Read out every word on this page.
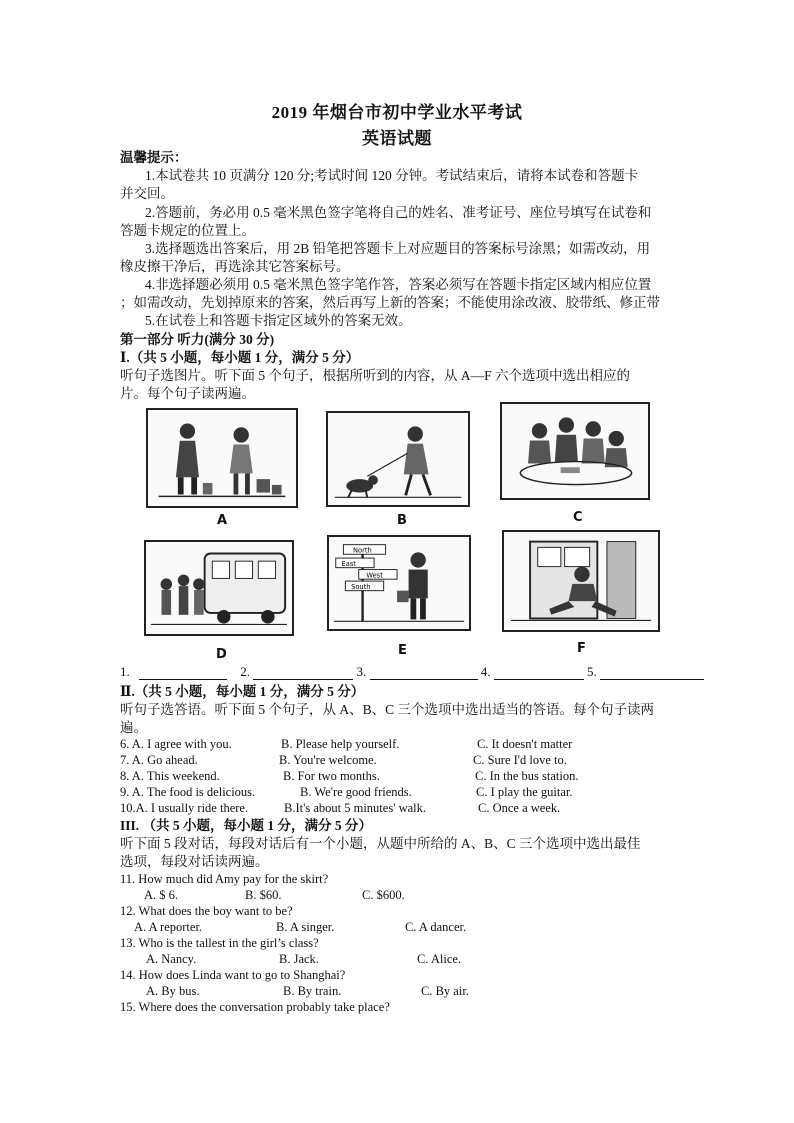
2019 年烟台市初中学业水平考试
英语试题
温馨提示：
1.本试卷共 10 页满分 120 分;考试时间 120 分钟。考试结束后，请将本试卷和答题卡
并交回。
2.答题前，务必用 0.5 毫米黑色签字笔将自己的姓名、准考证号、座位号填写在试卷和
答题卡规定的位置上。
3.选择题选出答案后，用 2B 铅笔把答题卡上对应题目的答案标号涂黑；如需改动，用
橡皮擦干净后，再选涂其它答案标号。
4.非选择题必须用 0.5 毫米黑色签字笔作答，答案必须写在答题卡指定区域内相应位置
；如需改动，先划掉原来的答案，然后再写上新的答案；不能使用涂改液、胶带纸、修正带
5.在试卷上和答题卡指定区域外的答案无效。
第一部分 听力(满分 30 分)
Ⅰ.（共 5 小题，每小题 1 分，满分 5 分）
听句子选图片。听下面 5 个句子，根据所听到的内容，从 A—F 六个选项中选出相应的
片。每个句子读两遍。
A	B	C
D
North
East
West
South
E	F
1.	2.	3.	4.	5.
Ⅱ.（共 5 小题，每小题 1 分，满分 5 分）
听句子选答语。听下面 5 个句子，从 A、B、C 三个选项中选出适当的答语。每个句子读两
遍。
6. A. I agree with you.	B. Please help yourself.	C. It doesn't matter
7. A. Go ahead.	B. You're welcome.	C. Sure I'd love to.
8. A. This weekend.	B. For two months.	C. In the bus station.
9. A. The food is delicious.	B. We're good friends.	C. I play the guitar.
10.A. I usually ride there.	B.It's about 5 minutes' walk.	C. Once a week.
III. （共 5 小题，每小题 1 分，满分 5 分）
听下面 5 段对话，每段对话后有一个小题，从题中所给的 A、B、C 三个选项中选出最佳
选项，每段对话读两遍。
11. How much did Amy pay for the skirt?
A. $ 6.	B. $60.	C. $600.
12. What does the boy want to be?
A. A reporter.	B. A singer.	C. A dancer.
13. Who is the tallest in the girl’s class?
A. Nancy.	B. Jack.	C. Alice.
14. How does Linda want to go to Shanghai?
A. By bus.	B. By train.	C. By air.
15. Where does the conversation probably take place?
